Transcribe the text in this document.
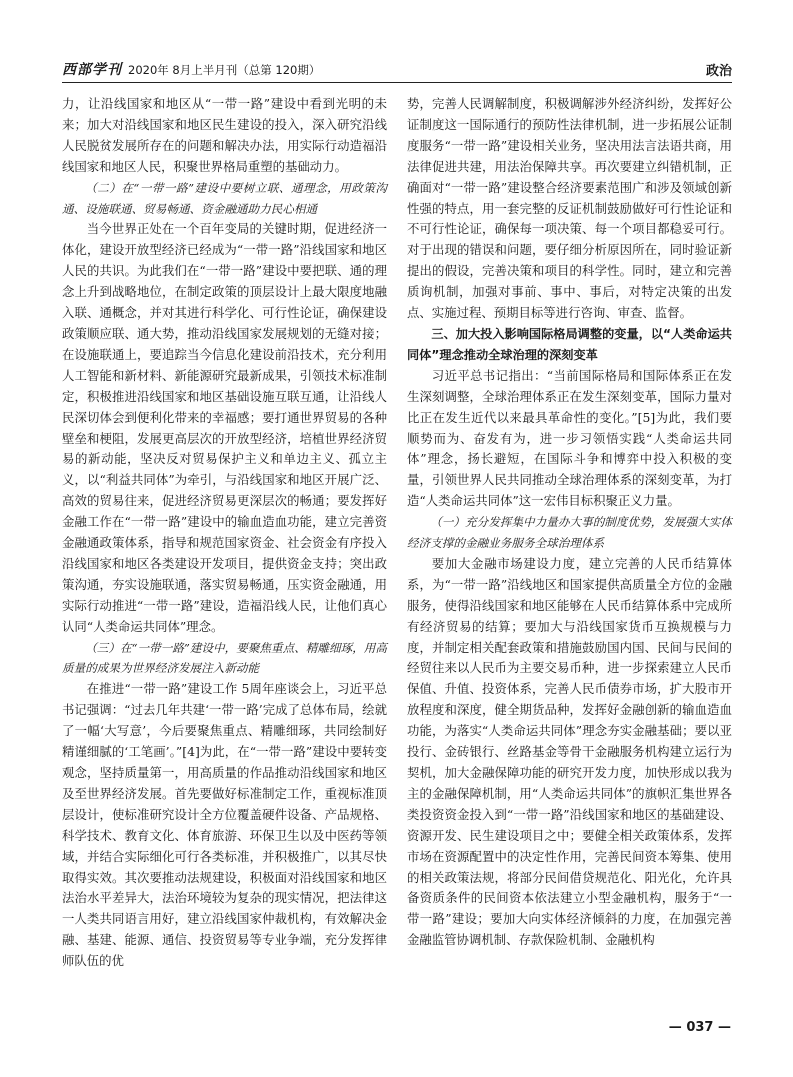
西部学刊 2020年 8月上半月刊（总第 120期）	政治

力，让沿线国家和地区从“一带一路”建设中看到光明的未来；加大对沿线国家和地区民生建设的投入，深入研究沿线人民脱贫发展所存在的问题和解决办法，用实际行动造福沿线国家和地区人民，积聚世界格局重塑的基础动力。

（二）在“一带一路”建设中要树立联、通理念，用政策沟通、设施联通、贸易畅通、资金融通助力民心相通

当今世界正处在一个百年变局的关键时期，促进经济一体化，建设开放型经济已经成为“一带一路”沿线国家和地区人民的共识。为此我们在“一带一路”建设中要把联、通的理念上升到战略地位，在制定政策的顶层设计上最大限度地融入联、通概念，并对其进行科学化、可行性论证，确保建设政策顺应联、通大势，推动沿线国家发展规划的无缝对接；在设施联通上，要追踪当今信息化建设前沿技术，充分利用人工智能和新材料、新能源研究最新成果，引领技术标准制定，积极推进沿线国家和地区基础设施互联互通，让沿线人民深切体会到便利化带来的幸福感；要打通世界贸易的各种壁垒和梗阻，发展更高层次的开放型经济，培植世界经济贸易的新动能，坚决反对贸易保护主义和单边主义、孤立主义，以“利益共同体”为牵引，与沿线国家和地区开展广泛、高效的贸易往来，促进经济贸易更深层次的畅通；要发挥好金融工作在“一带一路”建设中的输血造血功能，建立完善资金融通政策体系，指导和规范国家资金、社会资金有序投入沿线国家和地区各类建设开发项目，提供资金支持；突出政策沟通，夯实设施联通，落实贸易畅通，压实资金融通，用实际行动推进“一带一路”建设，造福沿线人民，让他们真心认同“人类命运共同体”理念。

（三）在“一带一路”建设中，要聚焦重点、精雕细琢，用高质量的成果为世界经济发展注入新动能

在推进“一带一路”建设工作 5周年座谈会上，习近平总书记强调：“过去几年共建‘一带一路’完成了总体布局，绘就了一幅‘大写意’，今后要聚焦重点、精雕细琢，共同绘制好精谨细腻的‘工笔画’。”[4]为此，在“一带一路”建设中要转变观念，坚持质量第一，用高质量的作品推动沿线国家和地区及至世界经济发展。首先要做好标准制定工作，重视标准顶层设计，使标准研究设计全方位覆盖硬件设备、产品规格、科学技术、教育文化、体育旅游、环保卫生以及中医药等领域，并结合实际细化可行各类标准，并积极推广，以其尽快取得实效。其次要推动法规建设，积极面对沿线国家和地区法治水平差异大，法治环境较为复杂的现实情况，把法律这一人类共同语言用好，建立沿线国家仲裁机构，有效解决金融、基建、能源、通信、投资贸易等专业争端，充分发挥律师队伍的优

势，完善人民调解制度，积极调解涉外经济纠纷，发挥好公证制度这一国际通行的预防性法律机制，进一步拓展公证制度服务“一带一路”建设相关业务，坚决用法言法语共商，用法律促进共建，用法治保障共享。再次要建立纠错机制，正确面对“一带一路”建设整合经济要素范围广和涉及领域创新性强的特点，用一套完整的反证机制鼓励做好可行性论证和不可行性论证，确保每一项决策、每一个项目都稳妥可行。对于出现的错误和问题，要仔细分析原因所在，同时验证新提出的假设，完善决策和项目的科学性。同时，建立和完善质询机制，加强对事前、事中、事后，对特定决策的出发点、实施过程、预期目标等进行咨询、审查、监督。

三、加大投入影响国际格局调整的变量，以“人类命运共同体”理念推动全球治理的深刻变革

习近平总书记指出：“当前国际格局和国际体系正在发生深刻调整，全球治理体系正在发生深刻变革，国际力量对比正在发生近代以来最具革命性的变化。”[5]为此，我们要顺势而为、奋发有为，进一步习领悟实践“人类命运共同体”理念，扬长避短，在国际斗争和博弈中投入积极的变量，引领世界人民共同推动全球治理体系的深刻变革，为打造“人类命运共同体”这一宏伟目标积聚正义力量。

（一）充分发挥集中力量办大事的制度优势，发展强大实体经济支撑的金融业务服务全球治理体系

要加大金融市场建设力度，建立完善的人民币结算体系，为“一带一路”沿线地区和国家提供高质量全方位的金融服务，使得沿线国家和地区能够在人民币结算体系中完成所有经济贸易的结算；要加大与沿线国家货币互换规模与力度，并制定相关配套政策和措施鼓励国内国、民间与民间的经贸往来以人民币为主要交易币种，进一步探索建立人民币保值、升值、投资体系，完善人民币债券市场，扩大股市开放程度和深度，健全期货品种，发挥好金融创新的输血造血功能，为落实“人类命运共同体”理念夯实金融基础；要以亚投行、金砖银行、丝路基金等骨干金融服务机构建立运行为契机，加大金融保障功能的研究开发力度，加快形成以我为主的金融保障机制，用“人类命运共同体”的旗帜汇集世界各类投资资金投入到“一带一路”沿线国家和地区的基础建设、资源开发、民生建设项目之中；要健全相关政策体系，发挥市场在资源配置中的决定性作用，完善民间资本筹集、使用的相关政策法规，将部分民间借贷规范化、阳光化，允许具备资质条件的民间资本依法建立小型金融机构，服务于“一带一路”建设；要加大向实体经济倾斜的力度，在加强完善金融监管协调机制、存款保险机制、金融机构

— 037 —
